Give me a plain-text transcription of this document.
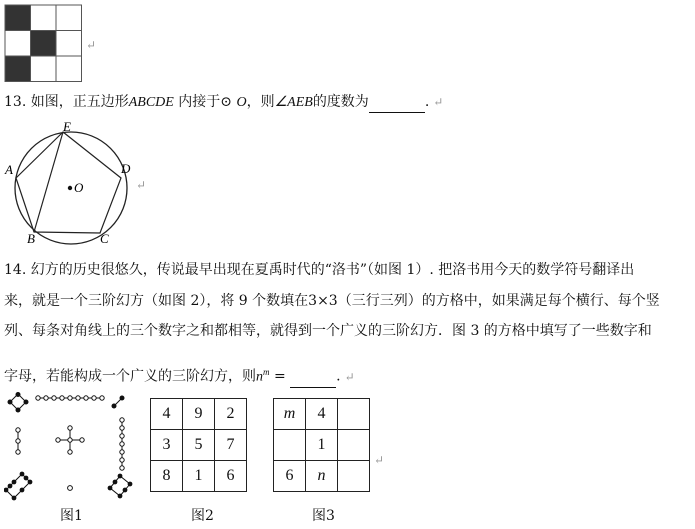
↵
13. 如图，正五边形ABCDE 内接于⊙ O，则∠AEB的度数为	. ↵
E
D
C
B
A
O	↵
14. 幻方的历史很悠久，传说最早出现在夏禹时代的“洛书”（如图 1）. 把洛书用今天的数学符号翻译出
来，就是一个三阶幻方（如图 2），将 9 个数填在3×3（三行三列）的方格中，如果满足每个横行、每个竖
列、每条对角线上的三个数字之和都相等，就得到一个广义的三阶幻方．图 3 的方格中填写了一些数字和
字母，若能构成一个广义的三阶幻方，则$n^m$ =	. ↵
图1
4	9	2
3	5	7
8	1	6
图2
m	4	
	1	
6	n	
↵
图3
